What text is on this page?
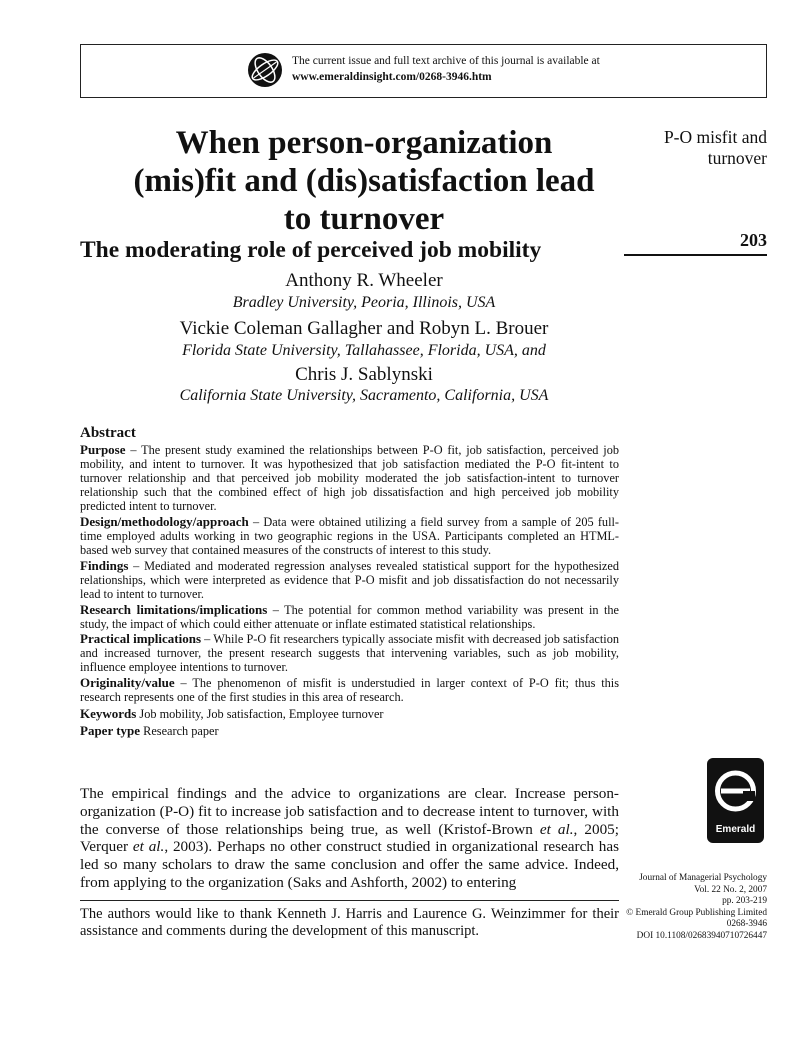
The current issue and full text archive of this journal is available at
www.emeraldinsight.com/0268-3946.htm
When person-organization
(mis)fit and (dis)satisfaction lead
to turnover
The moderating role of perceived job mobility
Anthony R. Wheeler
Bradley University, Peoria, Illinois, USA
Vickie Coleman Gallagher and Robyn L. Brouer
Florida State University, Tallahassee, Florida, USA, and
Chris J. Sablynski
California State University, Sacramento, California, USA
P-O misfit and
turnover
203
Abstract

Purpose – The present study examined the relationships between P-O fit, job satisfaction, perceived job mobility, and intent to turnover. It was hypothesized that job satisfaction mediated the P-O fit-intent to turnover relationship and that perceived job mobility moderated the job satisfaction-intent to turnover relationship such that the combined effect of high job dissatisfaction and high perceived job mobility predicted intent to turnover.

Design/methodology/approach – Data were obtained utilizing a field survey from a sample of 205 full-time employed adults working in two geographic regions in the USA. Participants completed an HTML-based web survey that contained measures of the constructs of interest to this study.

Findings – Mediated and moderated regression analyses revealed statistical support for the hypothesized relationships, which were interpreted as evidence that P-O misfit and job dissatisfaction do not necessarily lead to intent to turnover.

Research limitations/implications – The potential for common method variability was present in the study, the impact of which could either attenuate or inflate estimated statistical relationships.

Practical implications – While P-O fit researchers typically associate misfit with decreased job satisfaction and increased turnover, the present research suggests that intervening variables, such as job mobility, influence employee intentions to turnover.

Originality/value – The phenomenon of misfit is understudied in larger context of P-O fit; thus this research represents one of the first studies in this area of research.

Keywords Job mobility, Job satisfaction, Employee turnover

Paper type Research paper

The empirical findings and the advice to organizations are clear. Increase person-organization (P-O) fit to increase job satisfaction and to decrease intent to turnover, with the converse of those relationships being true, as well (Kristof-Brown et al., 2005; Verquer et al., 2003). Perhaps no other construct studied in organizational research has led so many scholars to draw the same conclusion and offer the same advice. Indeed, from applying to the organization (Saks and Ashforth, 2002) to entering
The authors would like to thank Kenneth J. Harris and Laurence G. Weinzimmer for their assistance and comments during the development of this manuscript.
Emerald
Journal of Managerial Psychology
Vol. 22 No. 2, 2007
pp. 203-219
© Emerald Group Publishing Limited
0268-3946
DOI 10.1108/02683940710726447
